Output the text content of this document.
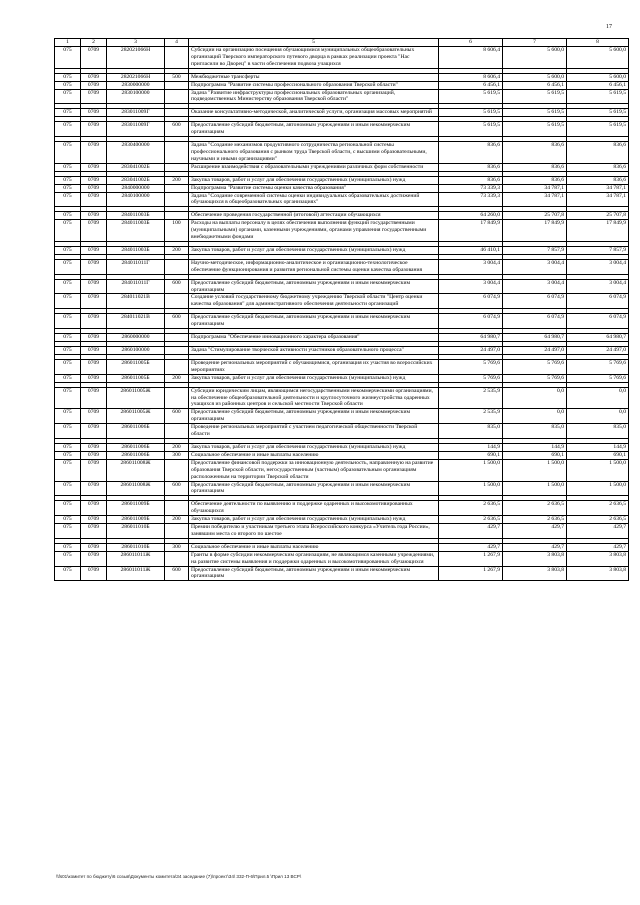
17
1	2	3	4	5	6	7	8
075	0709	282021066Н		Субсидии на организацию посещения обучающимися муниципальных общеобразовательных организаций Тверского императорского путевого дворца в рамках реализации проекта "Нас пригласили во Дворец" в части обеспечения подвоза учащихся	8 606,4	5 600,0	5 600,0

075	0709	282021066Н	500	Межбюджетные трансферты	8 606,4	5 600,0	5 600,0
075	0709	2830000000		Подпрограмма "Развитие системы профессионального образования Тверской области"	6 456,1	6 456,1	6 456,1
075	0709	2830100000		Задача "Развитие инфраструктуры профессиональных образовательных организаций, подведомственных Министерству образования Тверской области"	5 619,5	5 619,5	5 619,5

075	0709	283011009Г		Оказание консультативно-методической, аналитической услуги, организация массовых мероприятий	5 619,5	5 619,5	5 619,5

075	0709	283011009Г	600	Предоставление субсидий бюджетным, автономным учреждениям и иным некоммерческим организациям	5 619,5	5 619,5	5 619,5

075	0709	2830400000		Задача "Создание механизмов продуктивного сотрудничества региональной системы профессионального образования с рынком труда Тверской области, с высшими образовательными, научными и иными организациями"	836,6	836,6	836,6
075	0709	283041002Б		Расширение взаимодействия с образовательными учреждениями различных форм собственности	836,6	836,6	836,6

075	0709	283041002Б	200	Закупка товаров, работ и услуг для обеспечения государственных (муниципальных) нужд	836,6	836,6	836,6
075	0709	2840000000		Подпрограмма "Развитие системы оценки качества образования"	73 339,3	34 787,1	34 787,1
075	0709	2840100000		Задача "Создание современной системы оценки индивидуальных образовательных достижений обучающихся в общеобразовательных организациях"	73 339,3	34 787,1	34 787,1

075	0709	284011003Б		Обеспечение проведения государственной (итоговой) аттестации обучающихся	64 260,0	25 707,8	25 707,8
075	0709	284011003Б	100	Расходы на выплаты персоналу в целях обеспечения выполнения функций государственными (муниципальными) органами, казенными учреждениями, органами управления государственными внебюджетными фондами	17 849,9	17 849,9	17 849,9

075	0709	284011003Б	200	Закупка товаров, работ и услуг для обеспечения государственных (муниципальных) нужд	46 410,1	7 857,9	7 857,9

075	0709	284011011Г		Научно-методическое, информационно-аналитическое и организационно-технологическое обеспечение функционирования и развития региональной системы оценки качества образования	3 004,4	3 004,4	3 004,4

075	0709	284011011Г	600	Предоставление субсидий бюджетным, автономным учреждениям и иным некоммерческим организациям	3 004,4	3 004,4	3 004,4
075	0709	284011021В		Создание условий государственному бюджетному учреждению Тверской области "Центр оценки качества образования" для административного обеспечения деятельности организаций	6 074,9	6 074,9	6 074,9

075	0709	284011021В	600	Предоставление субсидий бюджетным, автономным учреждениям и иным некоммерческим организациям	6 074,9	6 074,9	6 074,9

075	0709	2860000000		Подпрограмма "Обеспечение инновационного характера образования"	64 980,7	64 980,7	64 980,7

075	0709	2860100000		Задача "Стимулирование творческой активности участников образовательного процесса"	24 497,0	24 497,0	24 497,0

075	0709	286011005Б		Проведение региональных мероприятий с обучающимися, организация их участия во всероссийских мероприятиях	5 769,6	5 769,6	5 769,6
075	0709	286011005Б	200	Закупка товаров, работ и услуг для обеспечения государственных (муниципальных) нужд	5 769,6	5 769,6	5 769,6

075	0709	286011005Ж		Субсидии юридическим лицам, являющимся негосударственными некоммерческими организациями, на обеспечение общеобразовательной деятельности и круглосуточного жизнеустройства одаренных учащихся из районных центров и сельской местности Тверской области	2 535,9	0,0	0,0
075	0709	286011005Ж	600	Предоставление субсидий бюджетным, автономным учреждениям и иным некоммерческим организациям	2 535,9	0,0	0,0
075	0709	286011006Б		Проведение региональных мероприятий с участием педагогической общественности Тверской области	835,0	835,0	835,0

075	0709	286011006Б	200	Закупка товаров, работ и услуг для обеспечения государственных (муниципальных) нужд	144,9	144,9	144,9
075	0709	286011006Б	300	Социальное обеспечение и иные выплаты населению	690,1	690,1	690,1
075	0709	286011008Ж		Предоставление финансовой поддержки за инновационную деятельность, направленную на развитие образования Тверской области, негосударственным (частным) образовательным организациям расположенным на территории Тверской области	1 500,0	1 500,0	1 500,0
075	0709	286011008Ж	600	Предоставление субсидий бюджетным, автономным учреждениям и иным некоммерческим организациям	1 500,0	1 500,0	1 500,0

075	0709	286011009Б		Обеспечение деятельности по выявлению и поддержке одаренных и высокомотивированных обучающихся	2 636,5	2 636,5	2 636,5
075	0709	286011009Б	200	Закупка товаров, работ и услуг для обеспечения государственных (муниципальных) нужд	2 636,5	2 636,5	2 636,5
075	0709	286011010Б		Премии победителю и участникам третьего этапа Всероссийского конкурса «Учитель года России», занявшим места со второго по шестое	429,7	429,7	429,7

075	0709	286011010Б	300	Социальное обеспечение и иные выплаты населению	429,7	429,7	429,7
075	0709	286011011Ж		Гранты в форме субсидии некоммерческим организациям, не являющимся казенными учреждениями, на развитие системы выявления и поддержки одаренных и высокомотивированных обучающихся	1 267,9	3 803,8	3 803,8
075	0709	286011011Ж	600	Предоставление субсидий бюджетным, автономным учреждениям и иным некоммерческим организациям	1 267,9	3 803,8	3 803,8
\\fs01\комитет по бюджету\6 созыв\Документы комитета\34 заседание (7)\проект\34\ 332-П-6\Прил.5 \Прил 13 ВСР\
